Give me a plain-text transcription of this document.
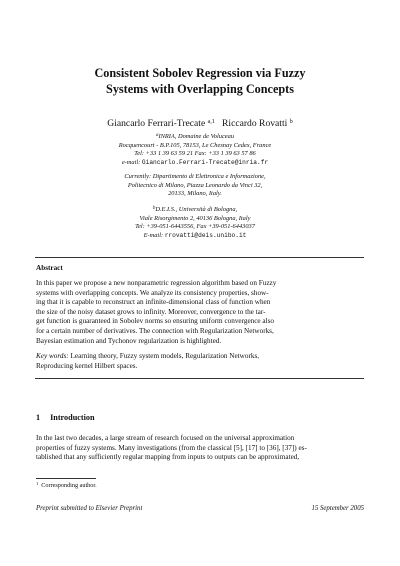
Consistent Sobolev Regression via Fuzzy
Systems with Overlapping Concepts
Giancarlo Ferrari-Trecate $^{a,1}$ Riccardo Rovatti $^b$
$^a$INRIA, Domaine de Voluceau
Rocquencourt - B.P.105, 78153, Le Chesnay Cedex, France
Tel: +33 1 39 63 59 21 Fax: +33 1 39 63 57 86
e-mail: Giancarlo.Ferrari-Trecate@inria.fr
Currently: Dipartimento di Elettronica e Informazione,
Politecnico di Milano, Piazza Leonardo da Vinci 32,
20133, Milano, Italy.
$^b$D.E.I.S., Università di Bologna,
Viale Risorgimento 2, 40136 Bologna, Italy
Tel: +39-051-6443556, Fax +39-051-6443037
E-mail: rrovatti@deis.unibo.it
Abstract
In this paper we propose a new nonparametric regression algorithm based on Fuzzy
systems with overlapping concepts. We analyze its consistency properties, show-
ing that it is capable to reconstruct an infinite-dimensional class of function when
the size of the noisy dataset grows to infinity. Moreover, convergence to the tar-
get function is guaranteed in Sobolev norms so ensuring uniform convergence also
for a certain number of derivatives. The connection with Regularization Networks,
Bayesian estimation and Tychonov regularization is highlighted.
Key words: Learning theory, Fuzzy system models, Regularization Networks,
Reproducing kernel Hilbert spaces.
1 Introduction
In the last two decades, a large stream of research focused on the universal approximation
properties of fuzzy systems. Many investigations (from the classical [5], [17] to [36], [37]) es-
tablished that any sufficiently regular mapping from inputs to outputs can be approximated,
$^1$ Corresponding author.
Preprint submitted to Elsevier Preprint	15 September 2005
